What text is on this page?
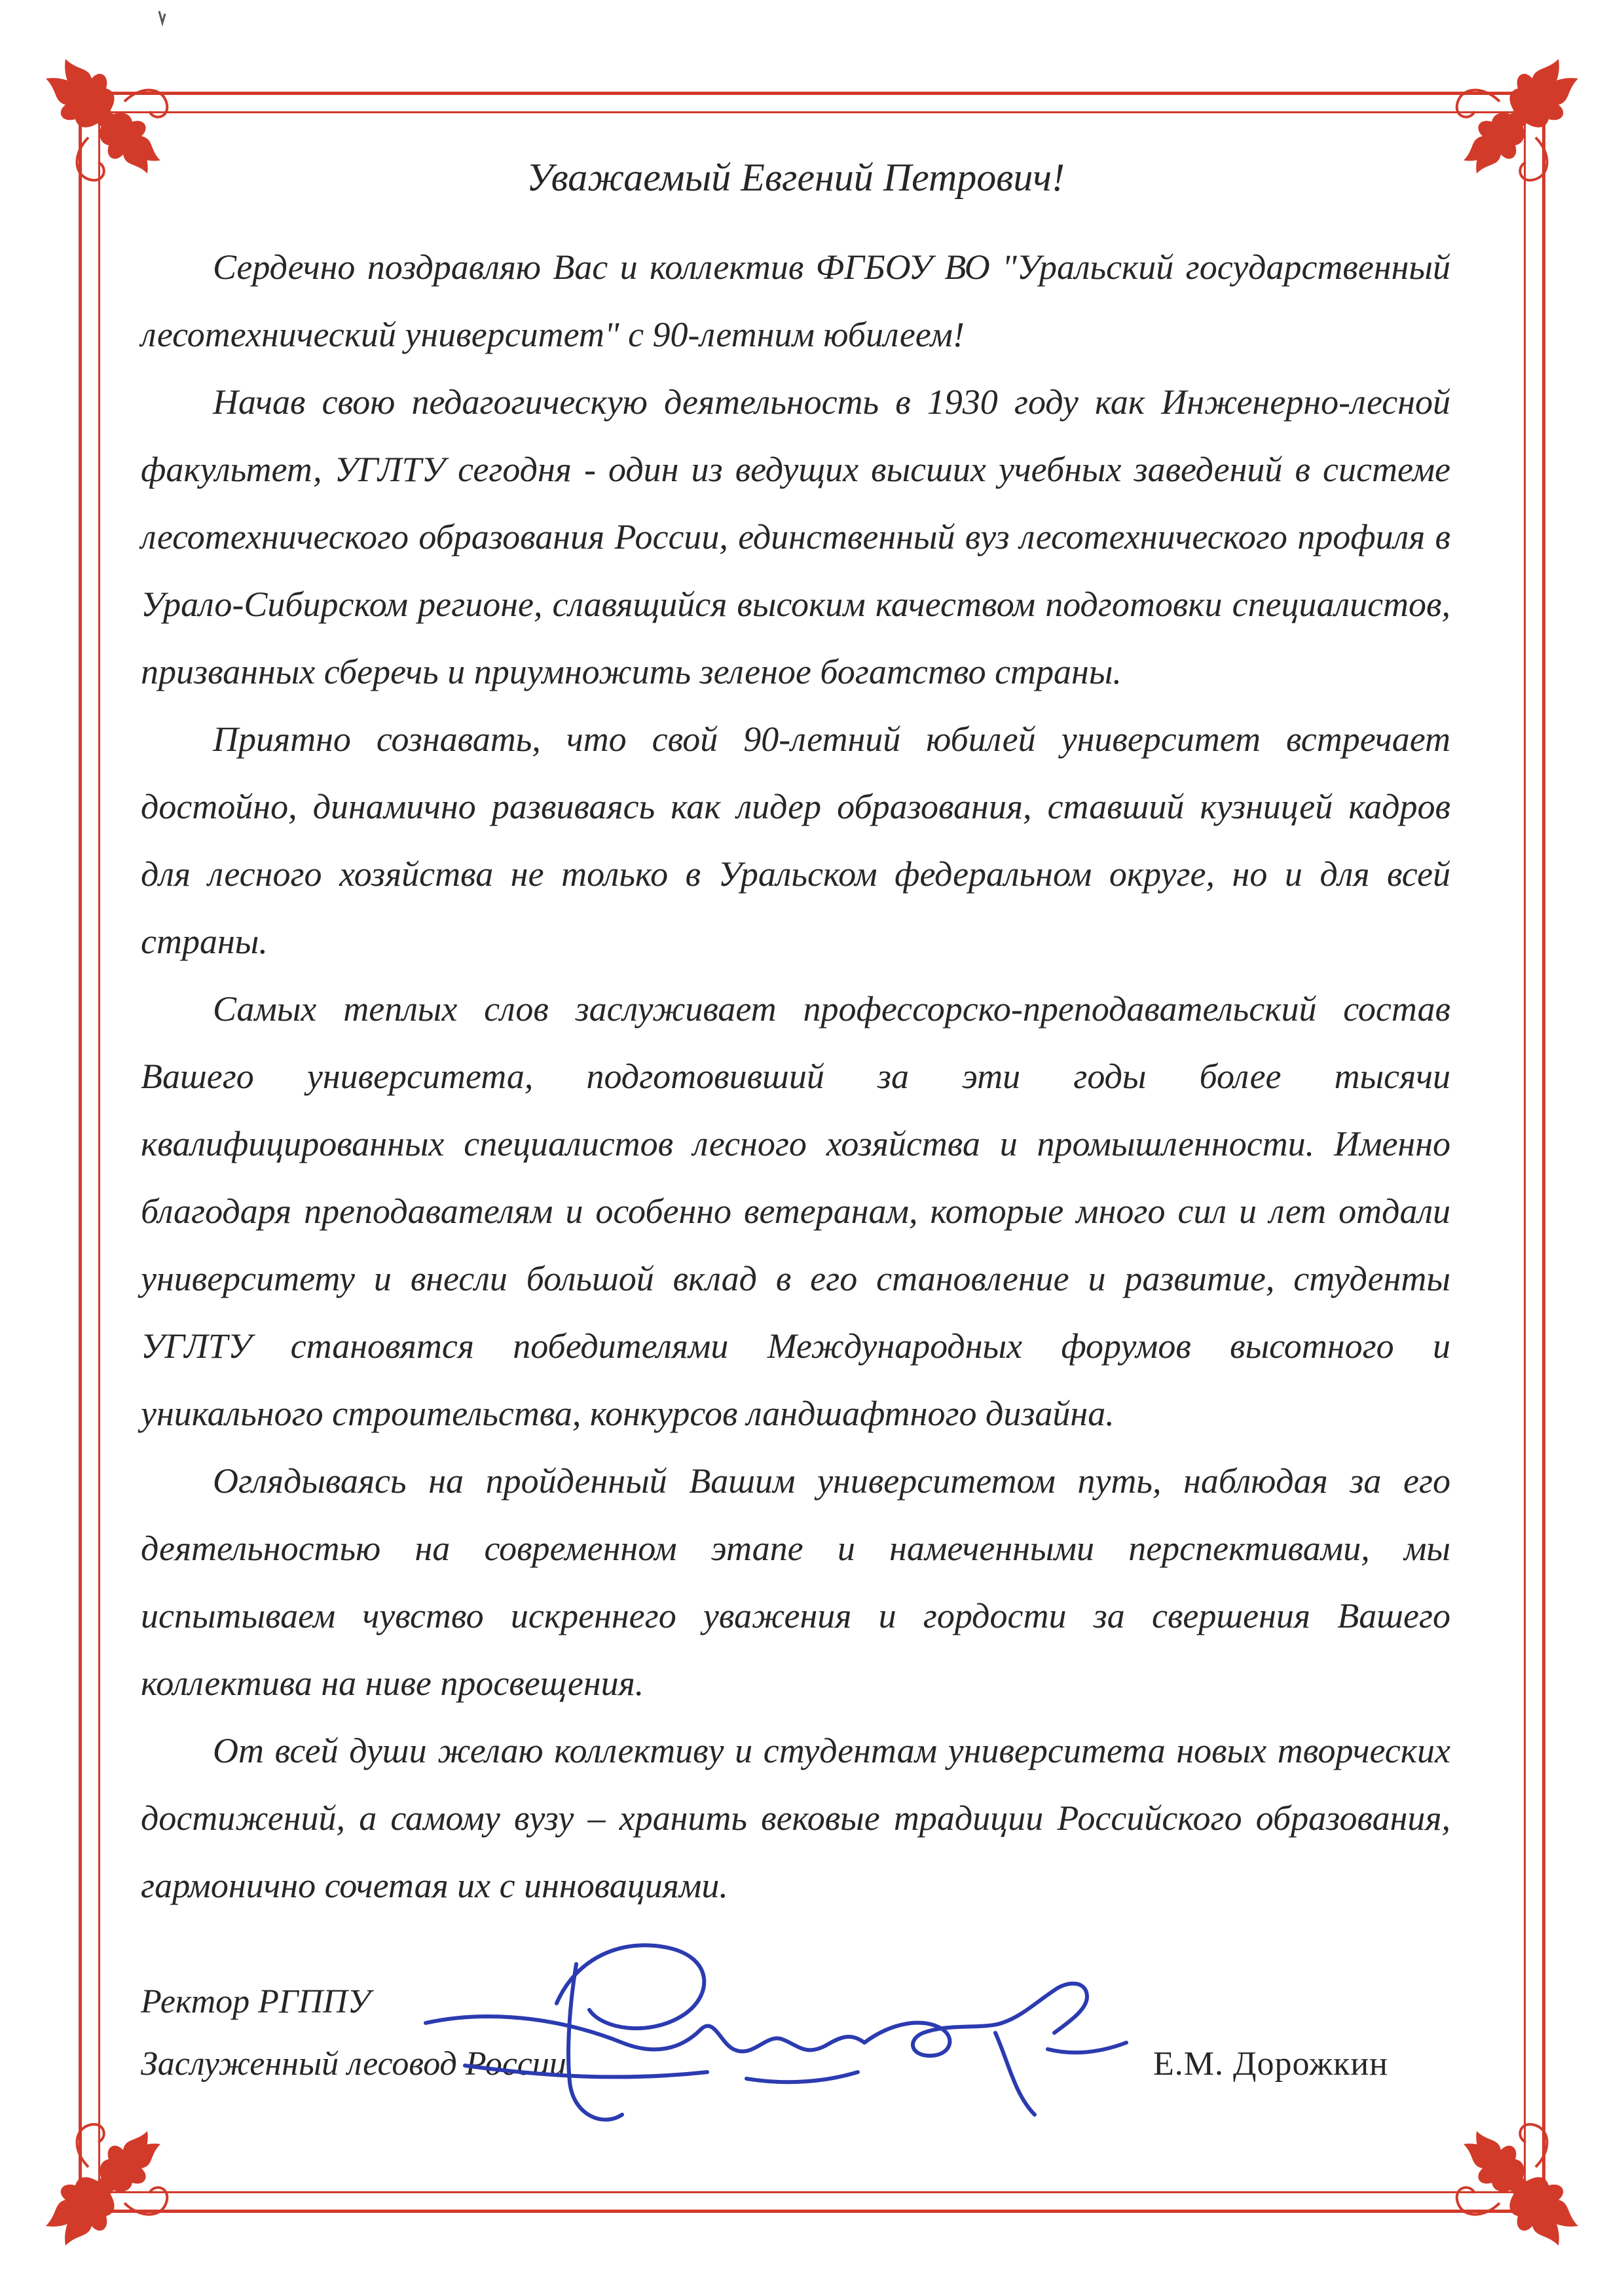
Уважаемый Евгений Петрович!

Сердечно поздравляю Вас и коллектив ФГБОУ ВО "Уральский государственный лесотехнический университет" с 90-летним юбилеем!

Начав свою педагогическую деятельность в 1930 году как Инженерно-лесной факультет, УГЛТУ сегодня - один из ведущих высших учебных заведений в системе лесотехнического образования России, единственный вуз лесотехнического профиля в Урало-Сибирском регионе, славящийся высоким качеством подготовки специалистов, призванных сберечь и приумножить зеленое богатство страны.

Приятно сознавать, что свой 90-летний юбилей университет встречает достойно, динамично развиваясь как лидер образования, ставший кузницей кадров для лесного хозяйства не только в Уральском федеральном округе, но и для всей страны.

Самых теплых слов заслуживает профессорско-преподавательский состав Вашего университета, подготовивший за эти годы более тысячи квалифицированных специалистов лесного хозяйства и промышленности. Именно благодаря преподавателям и особенно ветеранам, которые много сил и лет отдали университету и внесли большой вклад в его становление и развитие, студенты УГЛТУ становятся победителями Международных форумов высотного и уникального строительства, конкурсов ландшафтного дизайна.

Оглядываясь на пройденный Вашим университетом путь, наблюдая за его деятельностью на современном этапе и намеченными перспективами, мы испытываем чувство искреннего уважения и гордости за свершения Вашего коллектива на ниве просвещения.

От всей души желаю коллективу и студентам университета новых творческих достижений, а самому вузу – хранить вековые традиции Российского образования, гармонично сочетая их с инновациями.

Ректор РГППУ
Заслуженный лесовод России	Е.М. Дорожкин
